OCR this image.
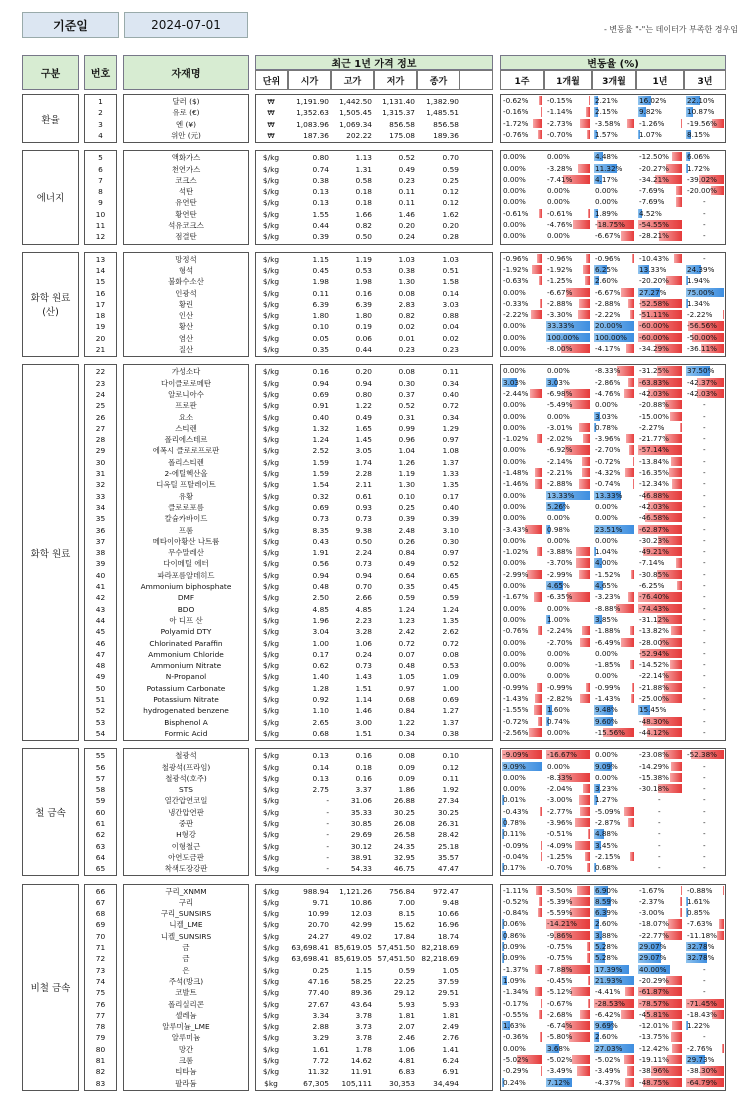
기준일	2024-07-01	- 변동율 "-"는 데이터가 부족한 경우임
구분	번호	자재명
최근 1년 가격 정보	변동율 (%)
단위	시가	고가	저가	종가	1주	1개월	3개월	1년	3년
환율
1	달러 ($)	₩	1,191.90	1,442.50	1,131.40	1,382.90	-0.62%	-0.15%	2.21%	16.02%	22.10%
2	유로 (€)	₩	1,352.63	1,505.45	1,315.37	1,485.51	-0.16%	-1.14%	2.15%	9.82%	10.87%
3	엔 (¥)	₩	1,083.96	1,069.34	856.58	856.58	-1.72%	-2.73%	-3.58%	-1.26%	-19.56%
4	위안 (元)	₩	187.36	202.22	175.08	189.36	-0.76%	-0.70%	1.57%	1.07%	8.15%
에너지
5	액화가스	$/kg	0.80	1.13	0.52	0.70	0.00%	0.00%	4.48%	-12.50%	6.06%
6	천연가스	$/kg	0.74	1.31	0.49	0.59	0.00%	-3.28%	11.32% -20.27%	1.72%
7	코크스	$/kg	0.38	0.58	0.23	0.25	0.00%	-7.41%	4.17%	-34.21%	-39.02%
8	석탄	$/kg	0.13	0.18	0.11	0.12	0.00%	0.00%	0.00%	-7.69%	-20.00%
9	유연탄	$/kg	0.13	0.18	0.11	0.12	0.00%	0.00%	0.00%	-7.69%	-
10	황연탄	$/kg	1.55	1.66	1.46	1.62	-0.61%	-0.61%	1.89%	4.52%	-
11	석유코크스	$/kg	0.44	0.82	0.20	0.20	0.00%	-4.76%	-18.75% -54.55%	-
12	점결탄	$/kg	0.39	0.50	0.24	0.28	0.00%	0.00%	-6.67%	-28.21%	-
화학 원료 (산)
13	망정석	$/kg	1.15	1.19	1.03	1.03	-0.96%	-0.96%	-0.96%	-10.43%	-
14	형석	$/kg	0.45	0.53	0.38	0.51	-1.92%	-1.92%	6.25%	13.33%	24.39%
15	불화수소산	$/kg	1.98	1.98	1.30	1.58	-0.63%	-1.25%	2.60%	-20.20%	1.94%
16	인광석	$/kg	0.11	0.16	0.08	0.14	0.00%	-6.67%	-6.67%	27.27%	75.00%
17	황린	$/kg	6.39	6.39	2.83	3.03	-0.33%	-2.88%	-2.88%	-52.58%	1.34%
18	인산	$/kg	1.80	1.80	0.82	0.88	-2.22%	-3.30%	-2.22%	-51.11%	-2.22%
19	황산	$/kg	0.10	0.19	0.02	0.04	0.00%	33.33%	20.00% -60.00%	-56.56%
20	염산	$/kg	0.05	0.06	0.01	0.02	0.00%	100.00% 100.00% -60.00%	-50.00%
21	질산	$/kg	0.35	0.44	0.23	0.23	0.00%	-8.00%	-4.17%	-34.29%	-36.11%
화학 원료
22	가성소다	$/kg	0.16	0.20	0.08	0.11	0.00%	0.00%	-8.33%	-31.25%	37.50%
23	다이클로로메탄	$/kg	0.94	0.94	0.30	0.34	3.03%	3.03%	-2.86%	-63.83%	-42.37%
24	알로니아수	$/kg	0.69	0.80	0.37	0.40	-2.44%	-6.98%	-4.76%	-42.03%	-42.03%
25	프로판	$/kg	0.91	1.22	0.52	0.72	0.00%	-5.49%	0.00%	-20.88%	-
26	요소	$/kg	0.40	0.49	0.31	0.34	0.00%	0.00%	3.03%	-15.00%	-
27	스티렌	$/kg	1.32	1.65	0.99	1.29	0.00%	-3.01%	0.78%	-2.27%	-
28	폴리에스테르	$/kg	1.24	1.45	0.96	0.97	-1.02%	-2.02%	-3.96%	-21.77%	-
29	에폭시 클로로프로판	$/kg	2.52	3.05	1.04	1.08	0.00%	-6.92%	-2.70%	-57.14%	-
30	폴리스티렌	$/kg	1.59	1.74	1.26	1.37	0.00%	-2.14%	-0.72%	-13.84%	-
31	2-에틸헥산올	$/kg	1.59	2.28	1.19	1.33	-1.48%	-2.21%	-4.32%	-16.35%	-
32	디옥틸 프탈레이트	$/kg	1.54	2.11	1.30	1.35	-1.46%	-2.88%	-0.74%	-12.34%	-
33	유황	$/kg	0.32	0.61	0.10	0.17	0.00%	13.33%	13.33% -46.88%	-
34	클로로포름	$/kg	0.69	0.93	0.25	0.40	0.00%	5.26%	0.00%	-42.03%	-
35	칼슘카바이드	$/kg	0.73	0.73	0.39	0.39	0.00%	0.00%	0.00%	-46.58%	-
36	프롬	$/kg	8.35	9.38	2.48	3.10	-3.43%	0.98%	23.51% -62.87%	-
37	메타이아황산 나트륨	$/kg	0.43	0.50	0.26	0.30	0.00%	0.00%	0.00%	-30.23%	-
38	무수말레산	$/kg	1.91	2.24	0.84	0.97	-1.02%	-3.88%	1.04%	-49.21%	-
39	다이메틸 에터	$/kg	0.56	0.73	0.49	0.52	0.00%	-3.70%	4.00%	-7.14%	-
40	파라포름알데히드	$/kg	0.94	0.94	0.64	0.65	-2.99%	-2.99%	-1.52%	-30.85%	-
41	Ammonium biphosphate	$/kg	0.48	0.70	0.35	0.45	0.00%	4.65%	4.65%	-6.25%	-
42	DMF	$/kg	2.50	2.66	0.59	0.59	-1.67%	-6.35%	-3.23%	-76.40%	-
43	BDO	$/kg	4.85	4.85	1.24	1.24	0.00%	0.00%	-8.88%	-74.43%	-
44	아 디프 산	$/kg	1.96	2.23	1.23	1.35	0.00%	1.00%	3.85%	-31.12%	-
45	Polyamid DTY	$/kg	3.04	3.28	2.42	2.62	-0.76%	-2.24%	-1.88%	-13.82%	-
46	Chlorinated Paraffin	$/kg	1.00	1.06	0.72	0.72	0.00%	-2.70%	-6.49%	-28.00%	-
47	Ammonium Chloride	$/kg	0.17	0.24	0.07	0.08	0.00%	0.00%	0.00%	-52.94%	-
48	Ammonium Nitrate	$/kg	0.62	0.73	0.48	0.53	0.00%	0.00%	-1.85%	-14.52%	-
49	N-Propanol	$/kg	1.40	1.43	1.05	1.09	0.00%	0.00%	0.00%	-22.14%	-
50	Potassium Carbonate	$/kg	1.28	1.51	0.97	1.00	-0.99%	-0.99%	-0.99%	-21.88%	-
51	Potassium Nitrate	$/kg	0.92	1.14	0.68	0.69	-1.43%	-2.82%	-1.43%	-25.00%	-
52	hydrogenated benzene	$/kg	1.10	1.46	0.84	1.27	-1.55%	1.60%	9.48%	15.45%	-
53	Bisphenol A	$/kg	2.65	3.00	1.22	1.37	-0.72%	0.74%	9.60%	-48.30%	-
54	Formic Acid	$/kg	0.68	1.51	0.34	0.38	-2.56%	0.00%	-15.56% -44.12%	-
철 금속
55	철광석	$/kg	0.13	0.16	0.08	0.10	-9.09%	-16.67%	0.00%	-23.08%	-52.38%
56	철광석(프라임)	$/kg	0.14	0.18	0.09	0.12	9.09%	0.00%	9.09%	-14.29%	-
57	철광석(호주)	$/kg	0.13	0.16	0.09	0.11	0.00%	-8.33%	0.00%	-15.38%	-
58	STS	$/kg	2.75	3.37	1.86	1.92	0.00%	-2.04%	3.23%	-30.18%	-
59	열간압연코일	$/kg	-	31.06	26.88	27.34	0.01%	-3.00%	1.27%	-	-
60	냉간압연판	$/kg	-	35.33	30.25	30.25	-0.43%	-2.77%	-5.09%	-	-
61	중판	$/kg	-	30.85	26.08	26.31	0.78%	-3.96%	-2.87%	-	-
62	H형강	$/kg	-	29.69	26.58	28.42	0.11%	-0.51%	4.88%	-	-
63	이형철근	$/kg	-	30.12	24.35	25.18	-0.09%	-4.09%	3.45%	-	-
64	아연도금판	$/kg	-	38.91	32.95	35.57	-0.04%	-1.25%	-2.15%	-	-
65	착색도장강판	$/kg	-	54.33	46.75	47.47	0.17%	-0.70%	0.68%	-	-
비철 금속
66	구리_XNMM	$/kg	988.94	1,121.26	756.84	972.47	-1.11%	-3.50%	6.90%	-1.67%	-0.88%
67	구리	$/kg	9.71	10.86	7.00	9.48	-0.52%	-5.39%	8.59%	-2.37%	1.61%
68	구리_SUNSIRS	$/kg	10.99	12.03	8.15	10.66	-0.84%	-5.59%	6.39%	-3.00%	0.85%
69	니켈_LME	$/kg	20.70	42.99	15.62	16.96	0.06%	-14.21%	2.60%	-18.07%	-7.63%
70	니켈_SUNSIRS	$/kg	24.27	49.02	17.84	18.74	0.86%	-9.86%	3.88%	-22.77%	-11.18%
71	금	$/kg	63,698.41 85,619.05 57,451.50 82,218.69	0.09%	-0.75%	5.28%	29.07%	32.78%
72	금	$/kg	63,698.41 85,619.05 57,451.50 82,218.69	0.09%	-0.75%	5.28%	29.07%	32.78%
73	은	$/kg	0.25	1.15	0.59	1.05	-1.37%	-7.88%	17.39% 40.00%	-
74	주석(방크)	$/kg	47.16	58.25	22.25	37.59	1.09%	-0.45%	21.93% -20.29%	-
75	코발트	$/kg	77.40	89.36	29.12	29.51	-1.34%	-5.12%	-4.41%	-61.87%	-
76	폴리실리콘	$/kg	27.67	43.64	5.93	5.93	-0.17%	-0.67%	-28.53% -78.57%	-71.45%
77	셀레늄	$/kg	3.34	3.78	1.81	1.81	-0.55%	-2.68%	-6.42%	-45.81%	-18.43%
78	알루미늄_LME	$/kg	2.88	3.73	2.07	2.49	1.63%	-6.74%	9.69%	-12.01%	1.22%
79	알루미늄	$/kg	3.29	3.78	2.46	2.76	-0.36%	-5.80%	2.60%	-13.75%	-
80	망간	$/kg	1.61	1.78	1.06	1.41	0.00%	3.68%	27.03% -12.42%	-2.76%
81	크롬	$/kg	7.72	14.62	4.81	6.24	-5.02%	-5.02%	-5.02%	-19.11%	29.73%
82	티타늄	$/kg	11.32	11.91	6.83	6.91	-0.29%	-3.49%	-3.49%	-38.96%	-38.30%
83	팔라듐	$kg	67,305	105,111	30,353	34,494	0.24%	7.12%	-4.37%	-48.75%	-64.79%
